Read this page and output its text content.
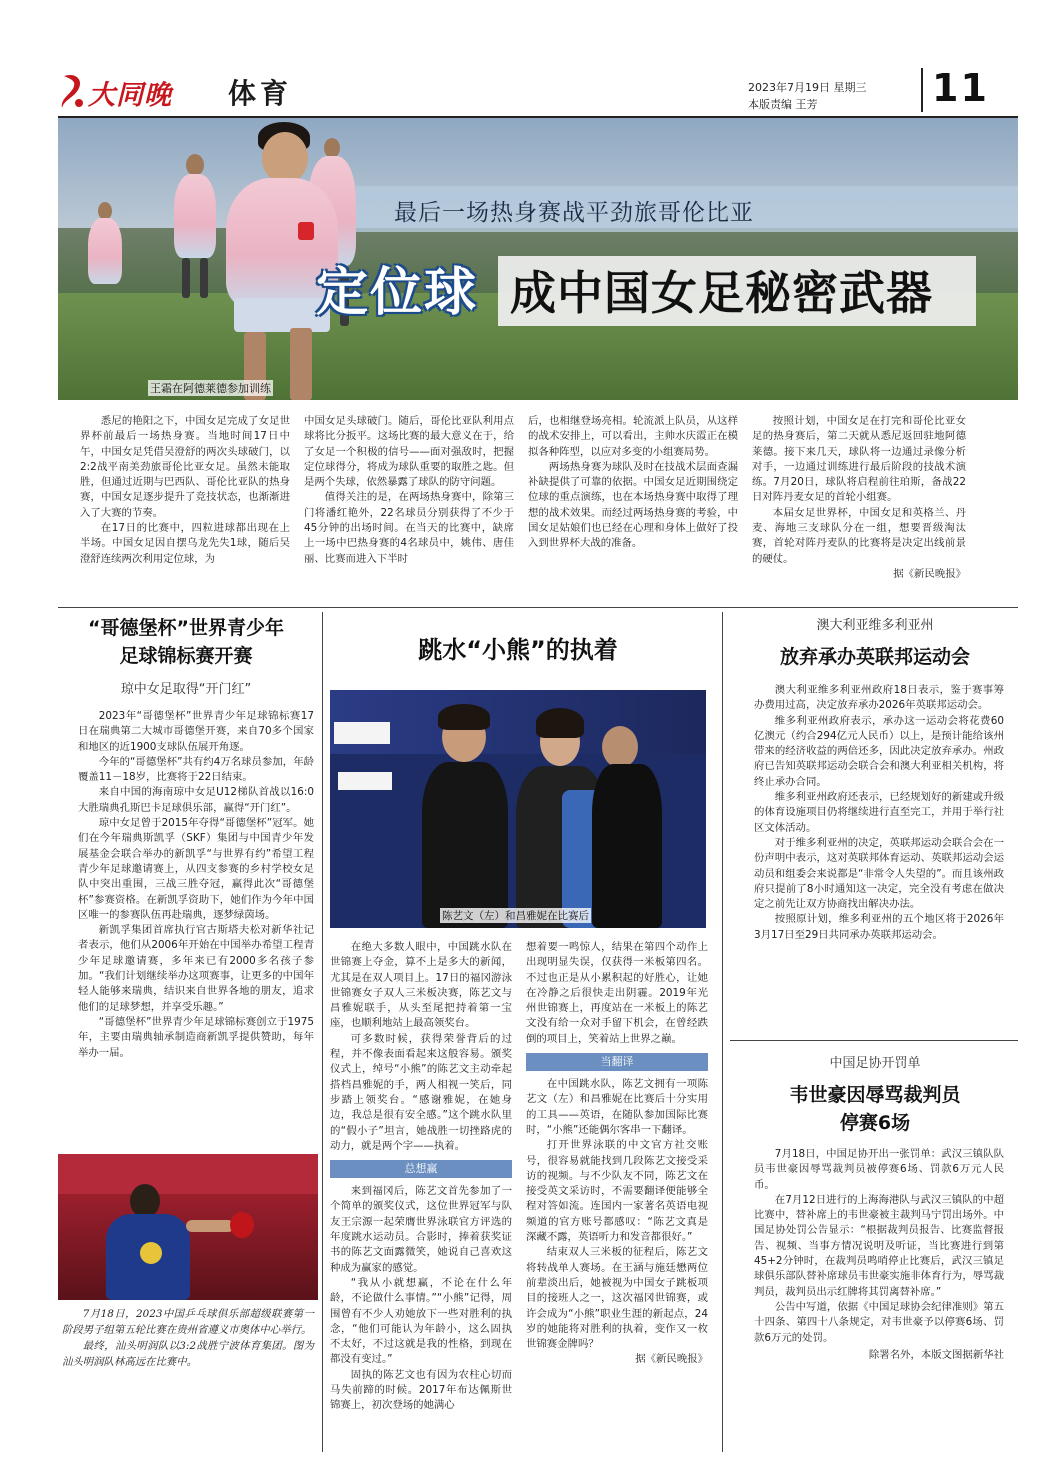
大同晚	体育	2023年7月19日 星期三
本版责编 王芳	11
最后一场热身赛战平劲旅哥伦比亚
定位球 成中国女足秘密武器
王霜在阿德莱德参加训练

悉尼的艳阳之下，中国女足完成了女足世界杯前最后一场热身赛。当地时间17日中午，中国女足凭借吴澄舒的两次头球破门，以2:2战平南美劲旅哥伦比亚女足。虽然未能取胜，但通过近期与巴西队、哥伦比亚队的热身赛，中国女足逐步提升了竞技状态，也渐渐进入了大赛的节奏。

在17日的比赛中，四粒进球都出现在上半场。中国女足因自摆乌龙先失1球，随后吴澄舒连续两次利用定位球，为

中国女足头球破门。随后，哥伦比亚队利用点球将比分扳平。这场比赛的最大意义在于，给了女足一个积极的信号——面对强敌时，把握定位球得分，将成为球队重要的取胜之匙。但是两个失球，依然暴露了球队的防守问题。

值得关注的是，在两场热身赛中，除第三门将潘红艳外，22名球员分别获得了不少于45分钟的出场时间。在当天的比赛中，缺席上一场中巴热身赛的4名球员中，姚伟、唐佳丽、比赛而进入下半时

后，也相继登场亮相。轮流派上队员，从这样的战术安排上，可以看出，主帅水庆霞正在模拟各种阵型，以应对多变的小组赛局势。

两场热身赛为球队及时在技战术层面查漏补缺提供了可靠的依据。中国女足近期围绕定位球的重点演练，也在本场热身赛中取得了理想的战术效果。而经过两场热身赛的考验，中国女足姑娘们也已经在心理和身体上做好了投入到世界杯大战的准备。

按照计划，中国女足在打完和哥伦比亚女足的热身赛后，第二天就从悉尼返回驻地阿德莱德。接下来几天，球队将一边通过录像分析对手，一边通过训练进行最后阶段的技战术演练。7月20日，球队将启程前往珀斯，备战22日对阵丹麦女足的首轮小组赛。

本届女足世界杯，中国女足和英格兰、丹麦、海地三支球队分在一组，想要晋级淘汰赛，首轮对阵丹麦队的比赛将是决定出线前景的硬仗。

据《新民晚报》
“哥德堡杯”世界青少年
足球锦标赛开赛
琼中女足取得“开门红”

2023年“哥德堡杯”世界青少年足球锦标赛17日在瑞典第二大城市哥德堡开赛，来自70多个国家和地区的近1900支球队伍展开角逐。

今年的“哥德堡杯”共有约4万名球员参加，年龄覆盖11－18岁，比赛将于22日结束。

来自中国的海南琼中女足U12梯队首战以16:0大胜瑞典孔斯巴卡足球俱乐部，赢得“开门红”。

琼中女足曾于2015年夺得“哥德堡杯”冠军。她们在今年瑞典斯凯孚（SKF）集团与中国青少年发展基金会联合举办的新凯孚“与世界有约”希望工程青少年足球邀请赛上，从四支参赛的乡村学校女足队中突出重围，三战三胜夺冠，赢得此次“哥德堡杯”参赛资格。在新凯孚资助下，她们作为今年中国区唯一的参赛队伍再赴瑞典，逐梦绿茵场。

新凯孚集团首席执行官古斯塔夫松对新华社记者表示，他们从2006年开始在中国举办希望工程青少年足球邀请赛，多年来已有2000多名孩子参加。“我们计划继续举办这项赛事，让更多的中国年轻人能够来瑞典，结识来自世界各地的朋友，追求他们的足球梦想，并享受乐趣。”

“哥德堡杯”世界青少年足球锦标赛创立于1975年，主要由瑞典轴承制造商新凯孚提供赞助，每年举办一届。

7月18日，2023中国乒乓球俱乐部超级联赛第一阶段男子组第五轮比赛在贵州省遵义市奥体中心举行。

最终，汕头明润队以3:2战胜宁波体育集团。图为汕头明润队林高远在比赛中。

跳水“小熊”的执着
陈艺文（左）和昌雅妮在比赛后

在绝大多数人眼中，中国跳水队在世锦赛上夺金，算不上是多大的新闻，尤其是在双人项目上。17日的福冈游泳世锦赛女子双人三米板决赛，陈艺文与昌雅妮联手，从头至尾把持着第一宝座，也顺利地站上最高领奖台。

可多数时候，获得荣誉背后的过程，并不像表面看起来这般容易。颁奖仪式上，绰号“小熊”的陈艺文主动牵起搭档昌雅妮的手，两人相视一笑后，同步踏上领奖台。“感谢雅妮，在她身边，我总是很有安全感。”这个跳水队里的“假小子”坦言，她战胜一切挫路虎的动力，就是两个字——执着。

总想赢

来到福冈后，陈艺文首先参加了一个简单的颁奖仪式，这位世界冠军与队友王宗源一起荣膺世界泳联官方评选的年度跳水运动员。合影时，捧着获奖证书的陈艺文面露微笑，她说自己喜欢这种成为赢家的感觉。

“我从小就想赢，不论在什么年龄，不论做什么事情。”“小熊”记得，周围曾有不少人劝她放下一些对胜利的执念，“他们可能认为年龄小，这么固执不太好，不过这就是我的性格，到现在都没有变过。”

固执的陈艺文也有因为农柱心切而马失前蹄的时候。2017年布达佩斯世锦赛上，初次登场的她满心

想着要一鸣惊人，结果在第四个动作上出现明显失误，仅获得一米板第四名。不过也正是从小累积起的好胜心，让她在冷静之后很快走出阴霾。2019年光州世锦赛上，再度站在一米板上的陈艺文没有给一众对手留下机会，在曾经跌倒的项目上，笑着站上世界之巅。

当翻译

在中国跳水队，陈艺文拥有一项陈艺文（左）和昌雅妮在比赛后十分实用的工具——英语，在随队参加国际比赛时，“小熊”还能偶尔客串一下翻译。

打开世界泳联的中文官方社交账号，很容易就能找到几段陈艺文接受采访的视频。与不少队友不同，陈艺文在接受英文采访时，不需要翻译便能够全程对答如流。连国内一家著名英语电视频道的官方账号都感叹：“陈艺文真是深藏不露，英语听力和发音都很好。”

结束双人三米板的征程后，陈艺文将转战单人赛场。在王涵与施廷懋两位前辈淡出后，她被视为中国女子跳板项目的接班人之一，这次福冈世锦赛，或许会成为“小熊”职业生涯的新起点，24岁的她能将对胜利的执着，变作又一枚世锦赛金牌吗？

据《新民晚报》
澳大利亚维多利亚州
放弃承办英联邦运动会

澳大利亚维多利亚州政府18日表示，鉴于赛事筹办费用过高，决定放弃承办2026年英联邦运动会。

维多利亚州政府表示，承办这一运动会将花费60亿澳元（约合294亿元人民币）以上，是预计能给该州带来的经济收益的两倍还多，因此决定放弃承办。州政府已告知英联邦运动会联合会和澳大利亚相关机构，将终止承办合同。

维多利亚州政府还表示，已经规划好的新建或升级的体育设施项目仍将继续进行直至完工，并用于举行社区文体活动。

对于维多利亚州的决定，英联邦运动会联合会在一份声明中表示，这对英联邦体育运动、英联邦运动会运动员和组委会来说都是“非常令人失望的”。而且该州政府只提前了8小时通知这一决定，完全没有考虑在做决定之前先让双方协商找出解决办法。

按照原计划，维多利亚州的五个地区将于2026年3月17日至29日共同承办英联邦运动会。

中国足协开罚单
韦世豪因辱骂裁判员
停赛6场

7月18日，中国足协开出一张罚单：武汉三镇队队员韦世豪因辱骂裁判员被停赛6场、罚款6万元人民币。

在7月12日进行的上海海港队与武汉三镇队的中超比赛中，替补席上的韦世豪被主裁判马宁罚出场外。中国足协处罚公告显示：“根据裁判员报告、比赛监督报告、视频、当事方情况说明及听证，当比赛进行到第45+2分钟时，在裁判员鸣哨停止比赛后，武汉三镇足球俱乐部队替补席球员韦世豪实施非体育行为，辱骂裁判员，裁判员出示红牌将其罚离替补席。”

公告中写道，依据《中国足球协会纪律准则》第五十四条、第四十八条规定，对韦世豪予以停赛6场、罚款6万元的处罚。

除署名外，本版文图据新华社
